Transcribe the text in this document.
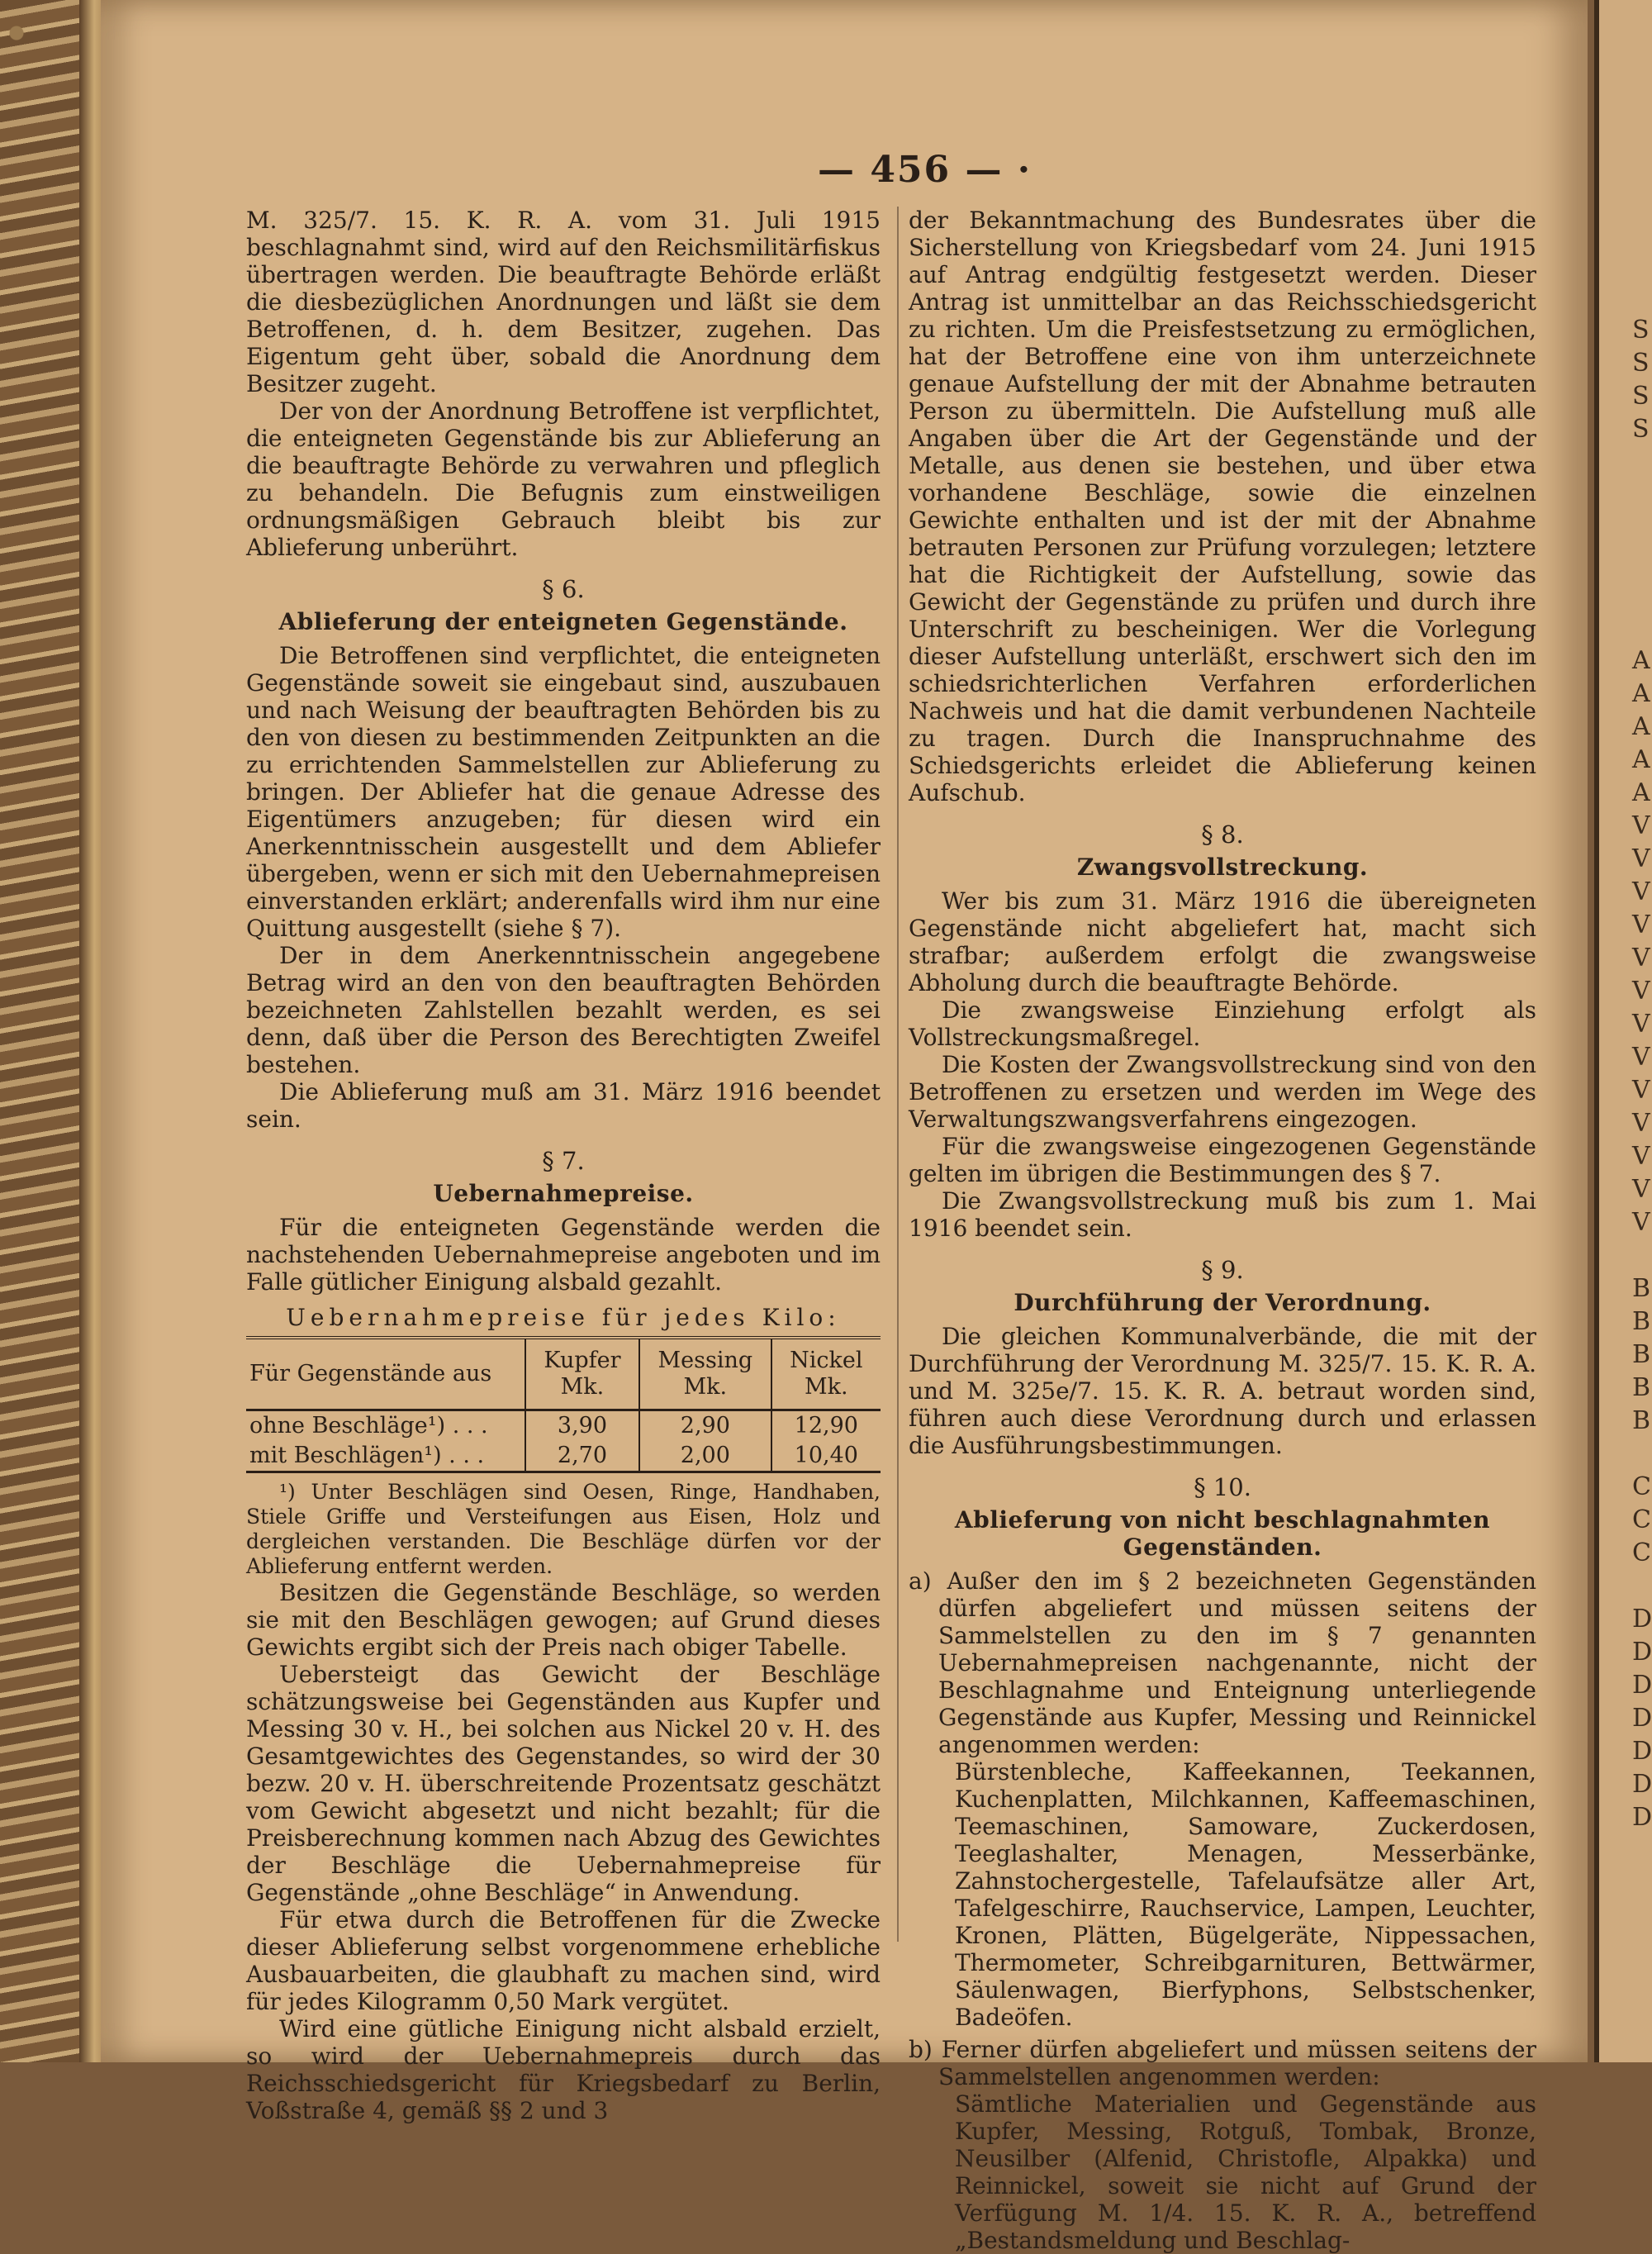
S
S
S
S

A
A
A
A
A
V
V
V
V
V
V
V
V
V
V
V
V
V

B
B
B
B
B

C
C
C

D
D
D
D
D
D
D
— 456 — ·

M. 325/7. 15. K. R. A. vom 31. Juli 1915 beschlagnahmt sind, wird auf den Reichsmilitärfiskus übertragen werden. Die beauftragte Behörde erläßt die diesbezüglichen Anordnungen und läßt sie dem Betroffenen, d. h. dem Besitzer, zugehen. Das Eigentum geht über, sobald die Anordnung dem Besitzer zugeht.

Der von der Anordnung Betroffene ist verpflichtet, die enteigneten Gegenstände bis zur Ablieferung an die beauftragte Behörde zu verwahren und pfleglich zu behandeln. Die Befugnis zum einstweiligen ordnungsmäßigen Gebrauch bleibt bis zur Ablieferung unberührt.

§ 6.
Ablieferung der enteigneten Gegenstände.

Die Betroffenen sind verpflichtet, die enteigneten Gegenstände soweit sie eingebaut sind, auszubauen und nach Weisung der beauftragten Behörden bis zu den von diesen zu bestimmenden Zeitpunkten an die zu errichtenden Sammelstellen zur Ablieferung zu bringen. Der Abliefer hat die genaue Adresse des Eigentümers anzugeben; für diesen wird ein Anerkenntnisschein ausgestellt und dem Abliefer übergeben, wenn er sich mit den Uebernahmepreisen einverstanden erklärt; anderenfalls wird ihm nur eine Quittung ausgestellt (siehe § 7).

Der in dem Anerkenntnisschein angegebene Betrag wird an den von den beauftragten Behörden bezeichneten Zahlstellen bezahlt werden, es sei denn, daß über die Person des Berechtigten Zweifel bestehen.

Die Ablieferung muß am 31. März 1916 beendet sein.

§ 7.
Uebernahmepreise.

Für die enteigneten Gegenstände werden die nachstehenden Uebernahmepreise angeboten und im Falle gütlicher Einigung alsbald gezahlt.

Uebernahmepreise für jedes Kilo:
Für Gegenstände aus	Kupfer Mk.	Messing Mk.	Nickel Mk.
ohne Beschläge¹) . . .	3,90	2,90	12,90
mit Beschlägen¹) . . .	2,70	2,00	10,40

¹) Unter Beschlägen sind Oesen, Ringe, Handhaben, Stiele Griffe und Versteifungen aus Eisen, Holz und dergleichen verstanden. Die Beschläge dürfen vor der Ablieferung entfernt werden.

Besitzen die Gegenstände Beschläge, so werden sie mit den Beschlägen gewogen; auf Grund dieses Gewichts ergibt sich der Preis nach obiger Tabelle.

Uebersteigt das Gewicht der Beschläge schätzungsweise bei Gegenständen aus Kupfer und Messing 30 v. H., bei solchen aus Nickel 20 v. H. des Gesamtgewichtes des Gegenstandes, so wird der 30 bezw. 20 v. H. überschreitende Prozentsatz geschätzt vom Gewicht abgesetzt und nicht bezahlt; für die Preisberechnung kommen nach Abzug des Gewichtes der Beschläge die Uebernahmepreise für Gegenstände „ohne Beschläge“ in Anwendung.

Für etwa durch die Betroffenen für die Zwecke dieser Ablieferung selbst vorgenommene erhebliche Ausbauarbeiten, die glaubhaft zu machen sind, wird für jedes Kilogramm 0,50 Mark vergütet.

Wird eine gütliche Einigung nicht alsbald erzielt, so wird der Uebernahmepreis durch das Reichsschiedsgericht für Kriegsbedarf zu Berlin, Voßstraße 4, gemäß §§ 2 und 3

der Bekanntmachung des Bundesrates über die Sicherstellung von Kriegsbedarf vom 24. Juni 1915 auf Antrag endgültig festgesetzt werden. Dieser Antrag ist unmittelbar an das Reichsschiedsgericht zu richten. Um die Preisfestsetzung zu ermöglichen, hat der Betroffene eine von ihm unterzeichnete genaue Aufstellung der mit der Abnahme betrauten Person zu übermitteln. Die Aufstellung muß alle Angaben über die Art der Gegenstände und der Metalle, aus denen sie bestehen, und über etwa vorhandene Beschläge, sowie die einzelnen Gewichte enthalten und ist der mit der Abnahme betrauten Personen zur Prüfung vorzulegen; letztere hat die Richtigkeit der Aufstellung, sowie das Gewicht der Gegenstände zu prüfen und durch ihre Unterschrift zu bescheinigen. Wer die Vorlegung dieser Aufstellung unterläßt, erschwert sich den im schiedsrichterlichen Verfahren erforderlichen Nachweis und hat die damit verbundenen Nachteile zu tragen. Durch die Inanspruchnahme des Schiedsgerichts erleidet die Ablieferung keinen Aufschub.

§ 8.
Zwangsvollstreckung.

Wer bis zum 31. März 1916 die übereigneten Gegenstände nicht abgeliefert hat, macht sich strafbar; außerdem erfolgt die zwangsweise Abholung durch die beauftragte Behörde.

Die zwangsweise Einziehung erfolgt als Vollstreckungsmaßregel.

Die Kosten der Zwangsvollstreckung sind von den Betroffenen zu ersetzen und werden im Wege des Verwaltungszwangsverfahrens eingezogen.

Für die zwangsweise eingezogenen Gegenstände gelten im übrigen die Bestimmungen des § 7.

Die Zwangsvollstreckung muß bis zum 1. Mai 1916 beendet sein.

§ 9.
Durchführung der Verordnung.

Die gleichen Kommunalverbände, die mit der Durchführung der Verordnung M. 325/7. 15. K. R. A. und M. 325e/7. 15. K. R. A. betraut worden sind, führen auch diese Verordnung durch und erlassen die Ausführungsbestimmungen.

§ 10.
Ablieferung von nicht beschlagnahmten Gegenständen.

a) Außer den im § 2 bezeichneten Gegenständen dürfen abgeliefert und müssen seitens der Sammelstellen zu den im § 7 genannten Uebernahmepreisen nachgenannte, nicht der Beschlagnahme und Enteignung unterliegende Gegenstände aus Kupfer, Messing und Reinnickel angenommen werden:

Bürstenbleche, Kaffeekannen, Teekannen, Kuchenplatten, Milchkannen, Kaffeemaschinen, Teemaschinen, Samoware, Zuckerdosen, Teeglashalter, Menagen, Messerbänke, Zahnstochergestelle, Tafelaufsätze aller Art, Tafelgeschirre, Rauchservice, Lampen, Leuchter, Kronen, Plätten, Bügelgeräte, Nippessachen, Thermometer, Schreibgarnituren, Bettwärmer, Säulenwagen, Bierfyphons, Selbstschenker, Badeöfen.

b) Ferner dürfen abgeliefert und müssen seitens der Sammelstellen angenommen werden:

Sämtliche Materialien und Gegenstände aus Kupfer, Messing, Rotguß, Tombak, Bronze, Neusilber (Alfenid, Christofle, Alpakka) und Reinnickel, soweit sie nicht auf Grund der Verfügung M. 1/4. 15. K. R. A., betreffend „Bestandsmeldung und Beschlag-
